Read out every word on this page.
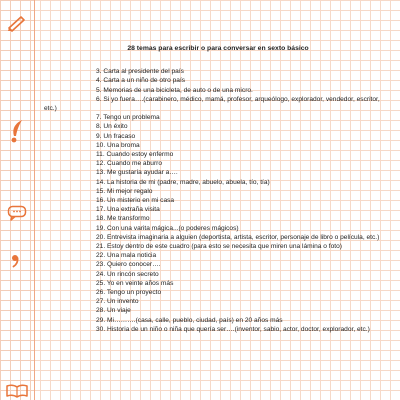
28 temas para escribir o para conversar en sexto básico
3. Carta al presidente del país
4. Carta a un niño de otro país
5. Memorias de una bicicleta, de auto o de una micro.
6. Si yo fuera….(carabinero, médico, mamá, profesor, arqueólogo, explorador, vendedor, escritor, etc.)
7. Tengo un problema
8. Un éxito
9. Un fracaso
10. Una broma
11. Cuando estoy enfermo
12. Cuando me aburro
13. Me gustaría ayudar a….
14. La historia de mi (padre, madre, abuelo, abuela, tío, tía)
15. Mi mejor regalo
16. Un misterio en mi casa
17. Una extraña visita
18. Me transformo
19. Con una varita mágica...(o poderes mágicos)
20. Entrevista imaginaria a alguien (deportista, artista, escritor, personaje de libro o película, etc.)
21. Estoy dentro de este cuadro (para esto se necesita que miren una lámina o foto)
22. Una mala noticia
23. Quiero conocer….
24. Un rincón secreto
25. Yo en veinte años más
26. Tengo un proyecto
27. Un invento
28. Un viaje
29. Mi……….(casa, calle, pueblo, ciudad, país) en 20 años más
30. Historia de un niño o niña que quería ser….(inventor, sabio, actor, doctor, explorador, etc.)
